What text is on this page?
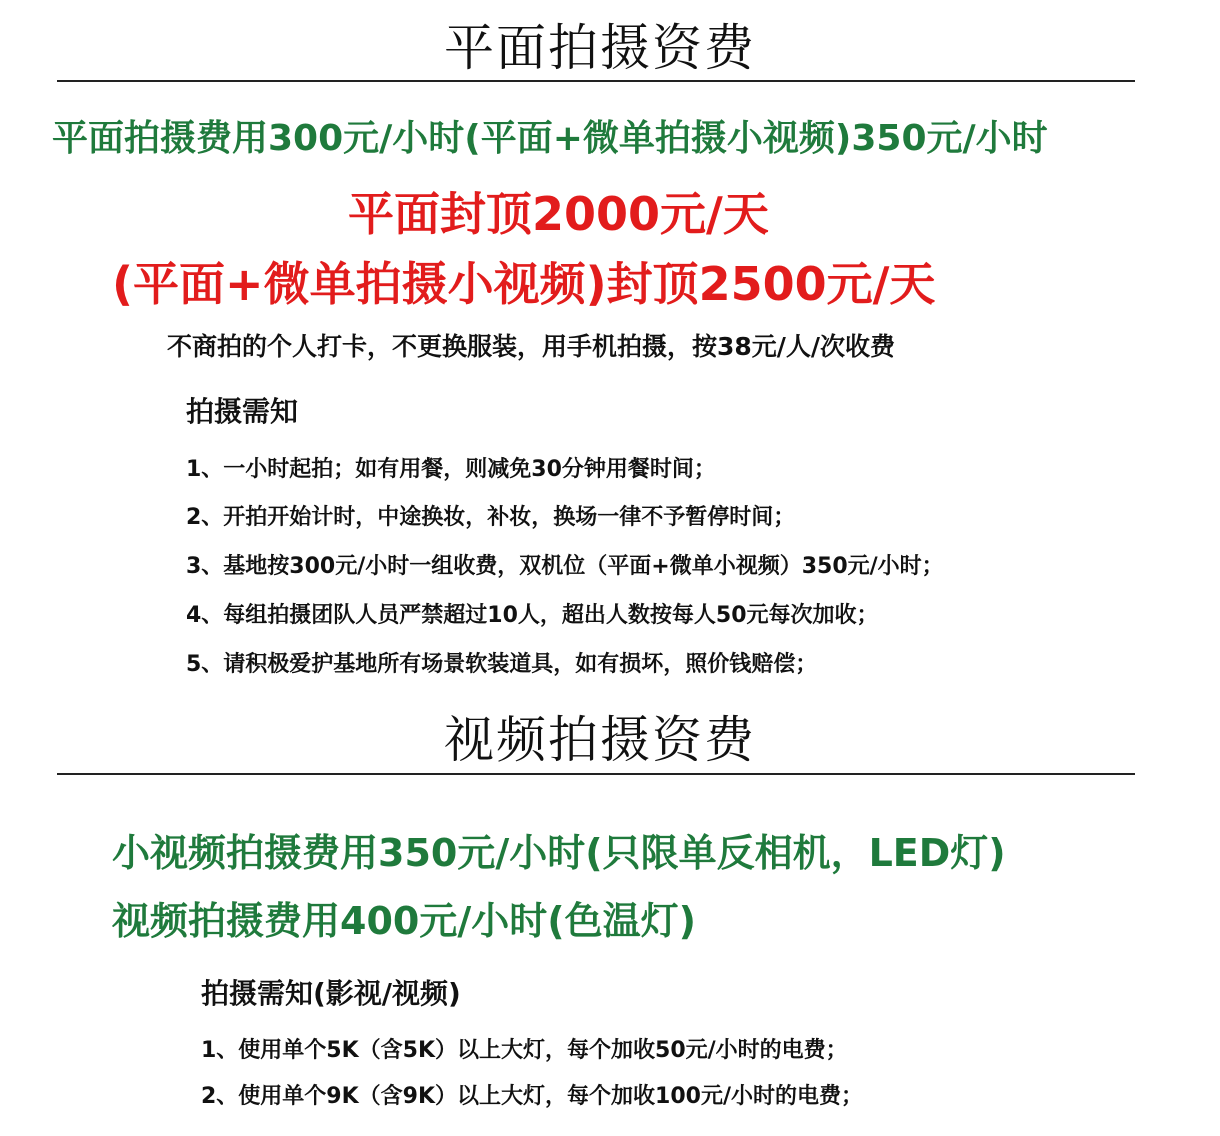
平面拍摄资费
平面拍摄费用300元/小时(平面+微单拍摄小视频)350元/小时
平面封顶2000元/天
(平面+微单拍摄小视频)封顶2500元/天
不商拍的个人打卡，不更换服装，用手机拍摄，按38元/人/次收费
拍摄需知
1、一小时起拍；如有用餐，则减免30分钟用餐时间；
2、开拍开始计时，中途换妆，补妆，换场一律不予暂停时间；
3、基地按300元/小时一组收费，双机位（平面+微单小视频）350元/小时；
4、每组拍摄团队人员严禁超过10人，超出人数按每人50元每次加收；
5、请积极爱护基地所有场景软装道具，如有损坏，照价钱赔偿；
视频拍摄资费
小视频拍摄费用350元/小时(只限单反相机，LED灯)
视频拍摄费用400元/小时(色温灯)
拍摄需知(影视/视频)
1、使用单个5K（含5K）以上大灯，每个加收50元/小时的电费；
2、使用单个9K（含9K）以上大灯，每个加收100元/小时的电费；
